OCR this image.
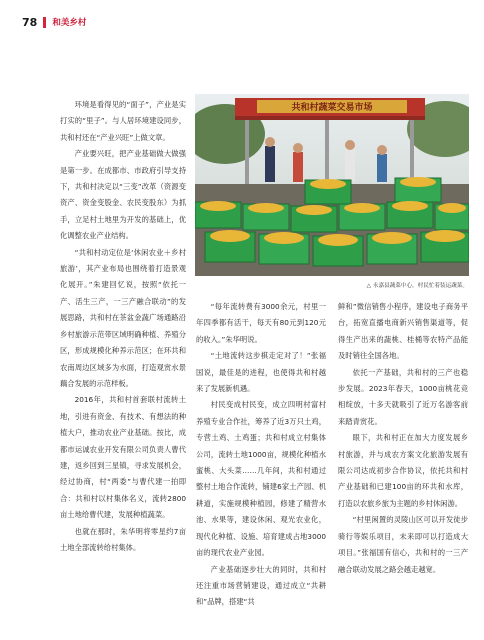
78 和美乡村

环境是看得见的“面子”，产业是实打实的“里子”。与人居环境建设同步，共和村还在“产业兴旺”上做文章。

产业要兴旺，把产业基础做大做强是第一步。在成都市、市政府引导支持下，共和村决定以“三变”改革（资源变资产、资金变股金、农民变股东）为抓手，立足村土地里为开发的基础上，优化调整农业产业结构。

“共和村动定位是‘休闲农业＋乡村旅游’，其产业布局也围绕着打造景观化展开。”朱建回忆说，按照“依托一产、活生三产，一三产融合联动”的发展思路，共和村在茶盆金蔬广场通路沿乡村旅游示范带区域明确种植、养殖分区，形成规模化种养示范区；在环共和农南周边区域多为水面，打造观赏水景藕合发展的示范样板。

2016年，共和村首套联村流转土地，引进有资金、有技术、有想法的种植大户，推动农业产业基础。按比，成都市运诚农业开发有限公司负责人曹代建，返乡回到三星镇，寻求发展机会，经过协商，村“两委”与曹代建一拍即合：共和村以村集体名义，流转2800亩土地给曹代建，发展种植蔬菜。

也就在那时，朱华明将零星约7亩土地全部流转给村集体。

共和村蔬菜交易市场
△ 永嘉县蔬菜中心，村民忙着装运蔬菜。

“每年流转费有3000余元，村里一年四季都有活干，每天有80元到120元的收入。”朱华明说。

“土地流转这步棋走定对了！”张福国说，最佳是的进程，也使得共和村越来了发展新机遇。

村民变成村民变，成立四明村富村养殖专业合作社，筹养了近3万只土鸡，专营土鸡、土鸡蛋；共和村成立村集体公司，流转土地1000亩，规模化种植水蜜桃、大头菜……几年间，共和村通过整村土地合作流转，铺建6家土产园、机耕道，实施规模种植园，修建了精营水池、水果等，建设休闲、观光农业化，现代化种植、设施、培育建成占地3000亩的现代农业产业园。

产业基础逐步壮大的同时，共和村还注重市场营销建设，通过成立“共耕和”品牌，搭建“共

鲜和”微信销售小程序，建设电子商务平台，拓宽直播电商新兴销售渠道等，促得生产出来的蔬桃、桂桶等农特产品能及时销往全国各地。

依托一产基础，共和村的三产也稳步发展。2023年春天，1000亩桃花竞相绽放，十多天就吸引了近万名游客前来踏青赏花。

眼下，共和村正在加大力度发展乡村旅游，并与成农方案文化旅游发展有限公司达成初步合作协议，依托共和村产业基础和已建100亩的环共和水库，打造以农旅乡旅为主题的乡村休闲游。

“村里闲置的灵陵山区可以开发徒步骑行等娱乐项目，未来即可以打造成大项目。”张福国有信心，共和村的一三产融合联动发展之路会越走越宽。
